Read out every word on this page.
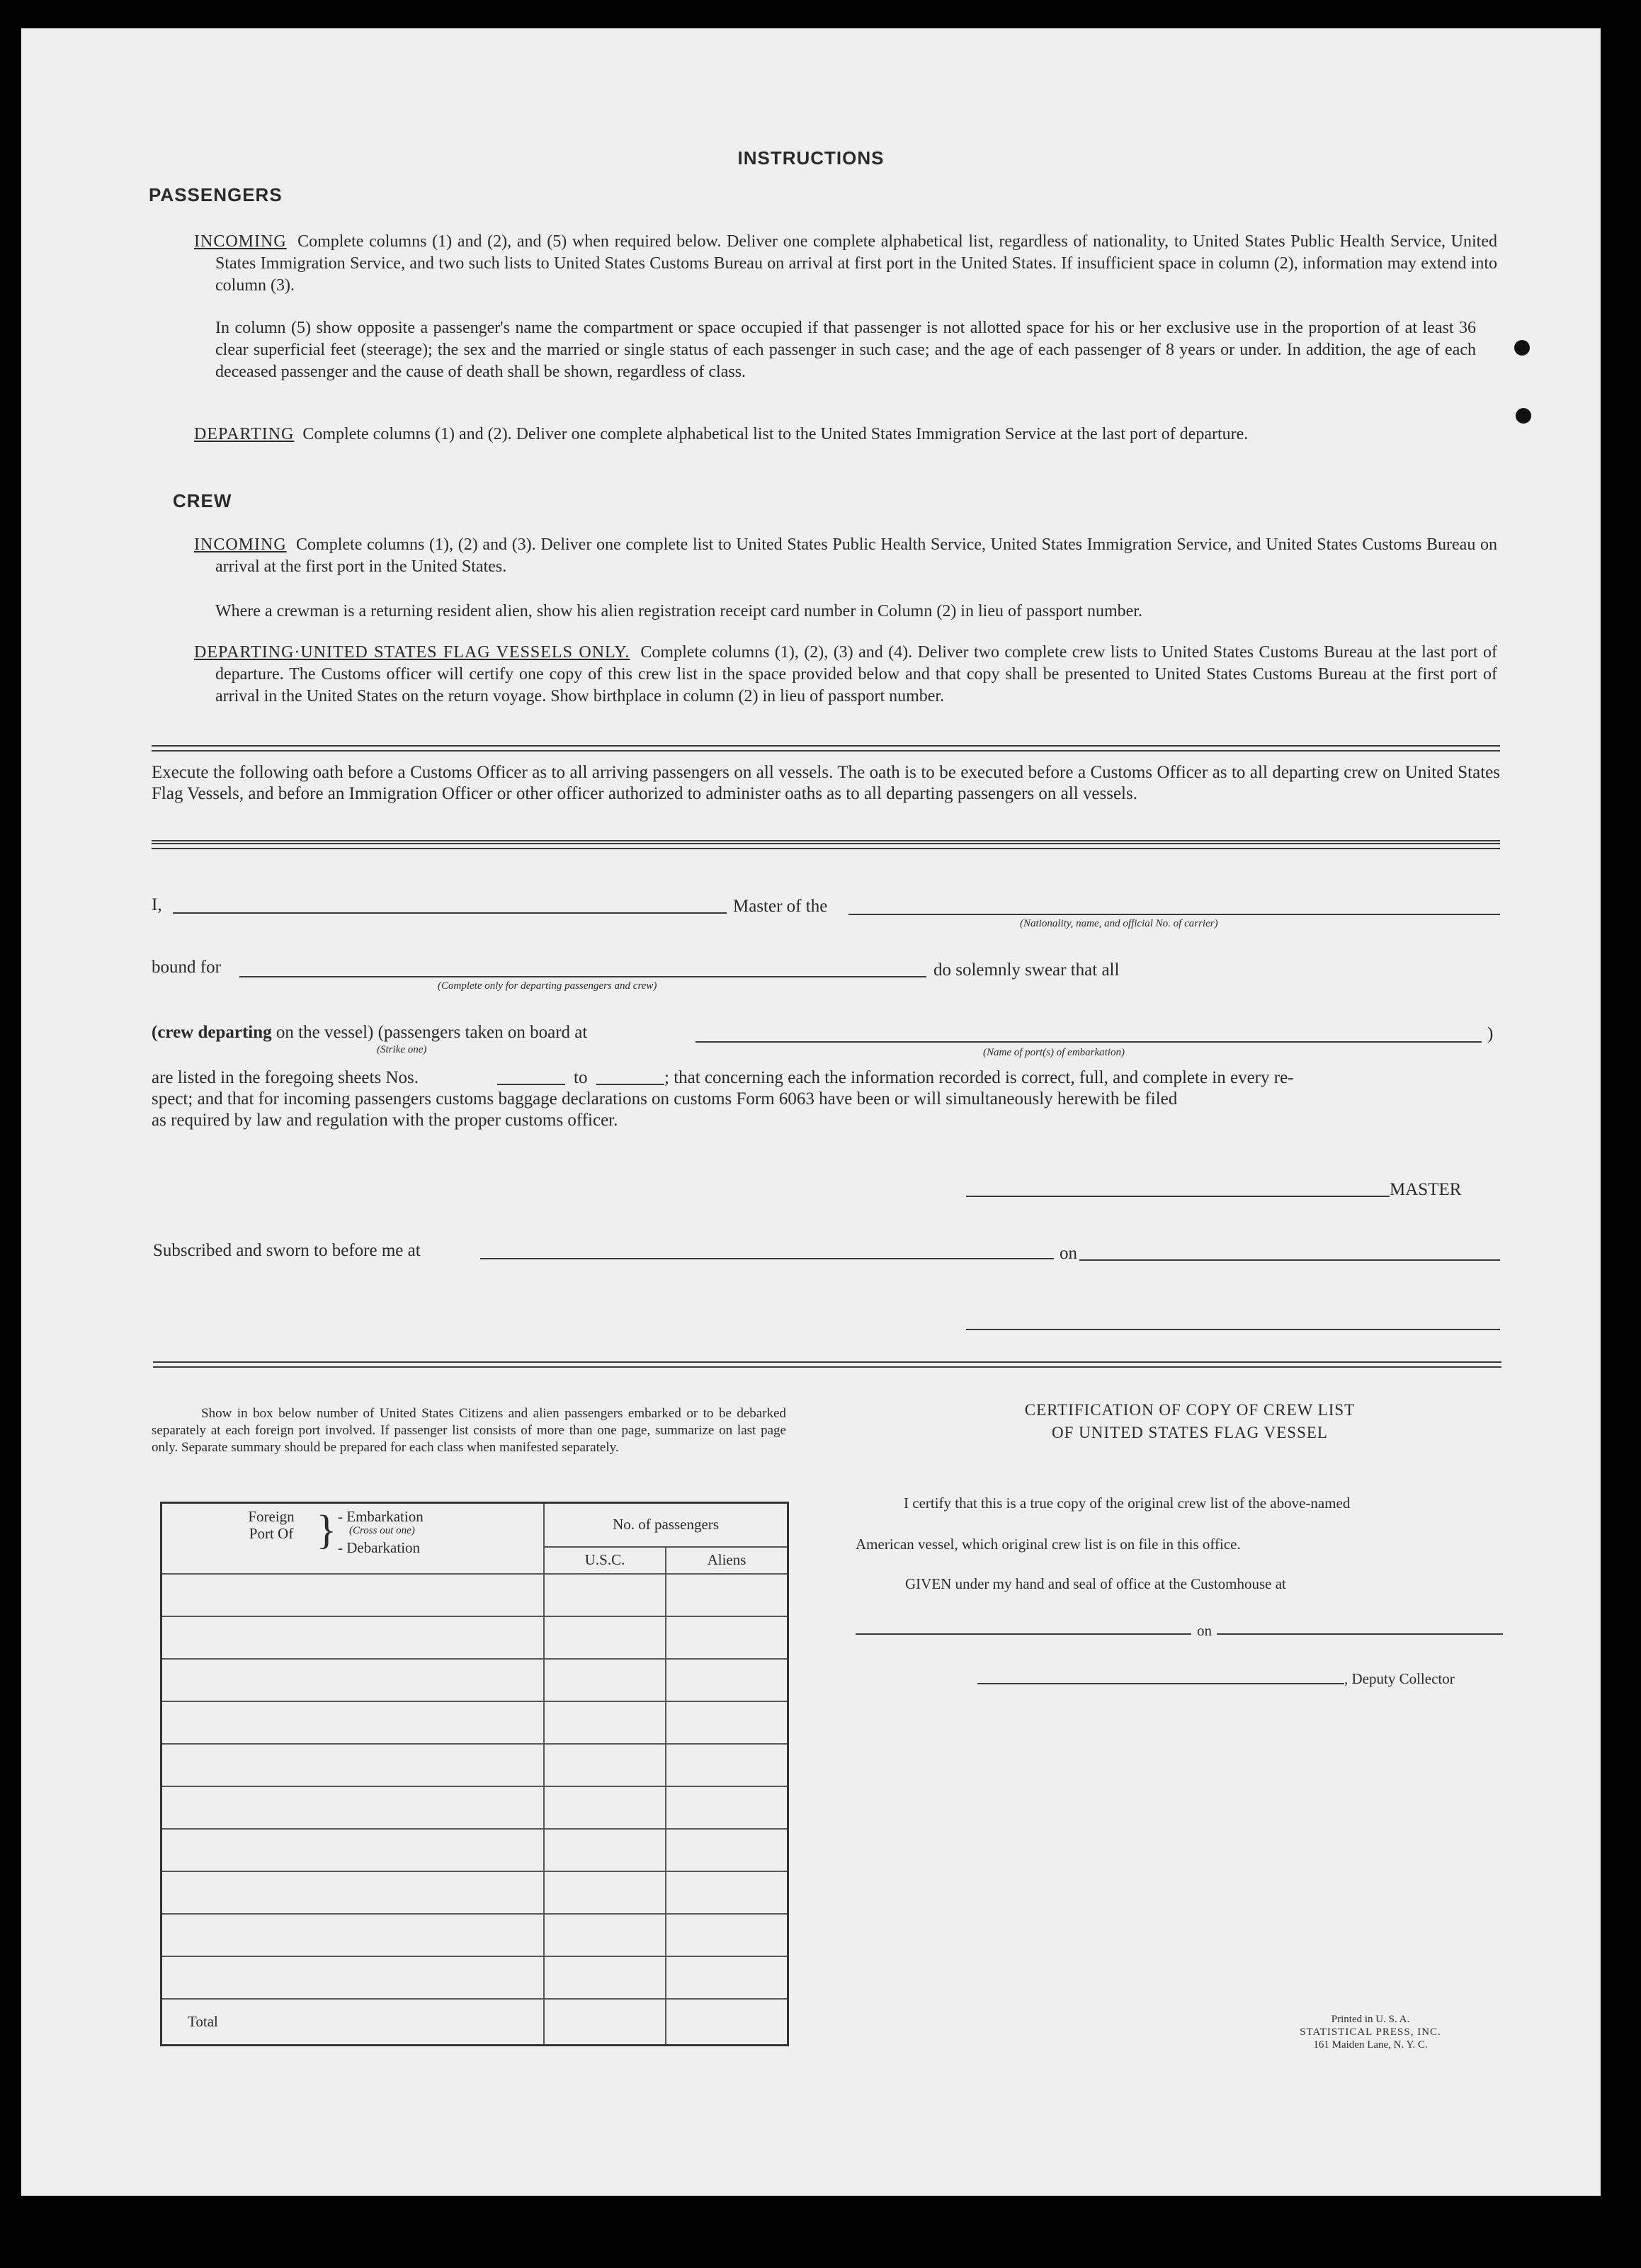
INSTRUCTIONS
PASSENGERS
INCOMING Complete columns (1) and (2), and (5) when required below. Deliver one complete alphabetical list, regardless of nationality, to United States Public Health Service, United States Immigration Service, and two such lists to United States Customs Bureau on arrival at first port in the United States. If insufficient space in column (2), information may extend into column (3).
In column (5) show opposite a passenger's name the compartment or space occupied if that passenger is not allotted space for his or her exclusive use in the proportion of at least 36 clear superficial feet (steerage); the sex and the married or single status of each passenger in such case; and the age of each passenger of 8 years or under. In addition, the age of each deceased passenger and the cause of death shall be shown, regardless of class.
DEPARTING Complete columns (1) and (2). Deliver one complete alphabetical list to the United States Immigration Service at the last port of departure.
CREW
INCOMING Complete columns (1), (2) and (3). Deliver one complete list to United States Public Health Service, United States Immigration Service, and United States Customs Bureau on arrival at the first port in the United States.
Where a crewman is a returning resident alien, show his alien registration receipt card number in Column (2) in lieu of passport number.
DEPARTING·UNITED STATES FLAG VESSELS ONLY. Complete columns (1), (2), (3) and (4). Deliver two complete crew lists to United States Customs Bureau at the last port of departure. The Customs officer will certify one copy of this crew list in the space provided below and that copy shall be presented to United States Customs Bureau at the first port of arrival in the United States on the return voyage. Show birthplace in column (2) in lieu of passport number.
Execute the following oath before a Customs Officer as to all arriving passengers on all vessels. The oath is to be executed before a Customs Officer as to all departing crew on United States Flag Vessels, and before an Immigration Officer or other officer authorized to administer oaths as to all departing passengers on all vessels.
I,	Master of the
(Nationality, name, and official No. of carrier)
bound for
(Complete only for departing passengers and crew)
do solemnly swear that all
(crew departing on the vessel) (passengers taken on board at	)
(Strike one)	(Name of port(s) of embarkation)
are listed in the foregoing sheets Nos.	to	; that concerning each the information recorded is correct, full, and complete in every re-
spect; and that for incoming passengers customs baggage declarations on customs Form 6063 have been or will simultaneously herewith be filed
as required by law and regulation with the proper customs officer.
MASTER
Subscribed and sworn to before me at	on
Show in box below number of United States Citizens and alien passengers embarked or to be debarked separately at each foreign port involved. If passenger list consists of more than one page, summarize on last page only. Separate summary should be prepared for each class when manifested separately.
Foreign Port Of } - Embarkation
(Cross out one)
- Debarkation	No. of passengers	
	U.S.C.	Aliens

Total		
CERTIFICATION OF COPY OF CREW LIST
OF UNITED STATES FLAG VESSEL
I certify that this is a true copy of the original crew list of the above-named
American vessel, which original crew list is on file in this office.
GIVEN under my hand and seal of office at the Customhouse at
on
, Deputy Collector
Printed in U. S. A.
STATISTICAL PRESS, INC.
161 Maiden Lane, N. Y. C.
